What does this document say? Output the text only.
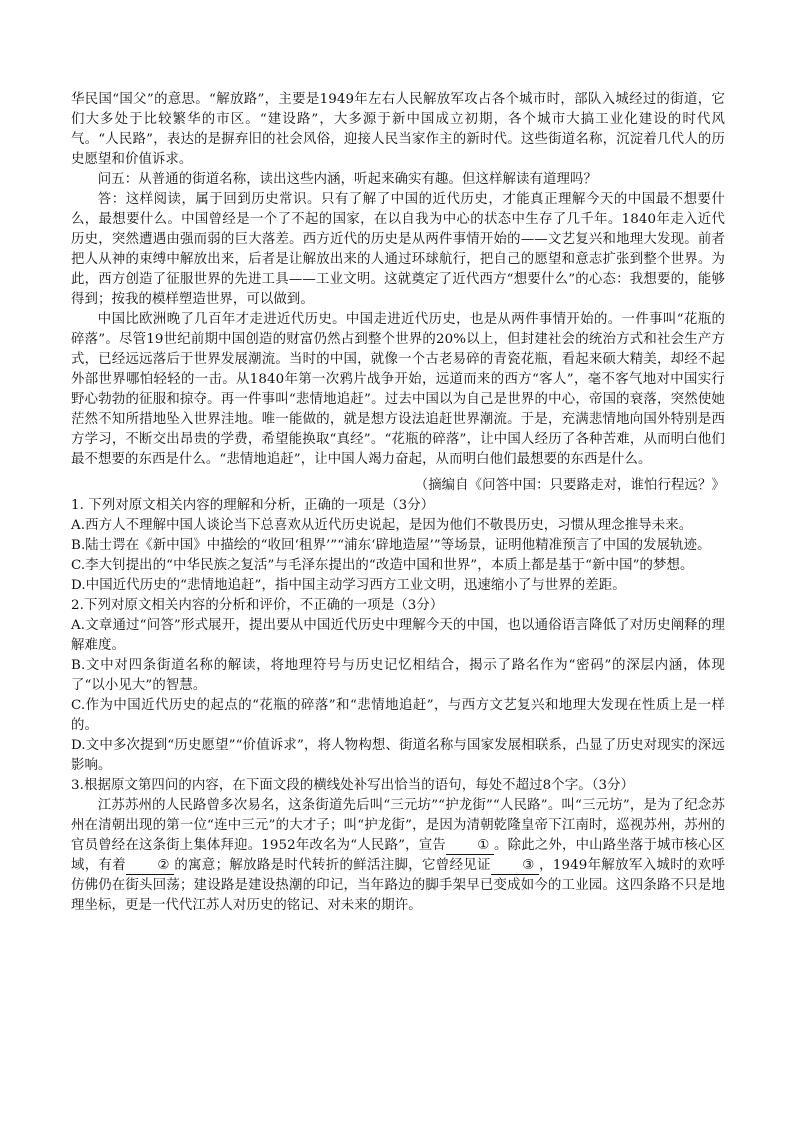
华民国“国父”的意思。“解放路”，主要是1949年左右人民解放军攻占各个城市时，部队入城经过的街道，它们大多处于比较繁华的市区。“建设路”，大多源于新中国成立初期，各个城市大搞工业化建设的时代风气。“人民路”，表达的是摒弃旧的社会风俗，迎接人民当家作主的新时代。这些街道名称，沉淀着几代人的历史愿望和价值诉求。

问五：从普通的街道名称，读出这些内涵，听起来确实有趣。但这样解读有道理吗？

答：这样阅读，属于回到历史常识。只有了解了中国的近代历史，才能真正理解今天的中国最不想要什么，最想要什么。中国曾经是一个了不起的国家，在以自我为中心的状态中生存了几千年。1840年走入近代历史，突然遭遇由强而弱的巨大落差。西方近代的历史是从两件事情开始的——文艺复兴和地理大发现。前者把人从神的束缚中解放出来，后者是让解放出来的人通过环球航行，把自己的愿望和意志扩张到整个世界。为此，西方创造了征服世界的先进工具——工业文明。这就奠定了近代西方“想要什么”的心态：我想要的，能够得到；按我的模样塑造世界，可以做到。

中国比欧洲晚了几百年才走进近代历史。中国走进近代历史，也是从两件事情开始的。一件事叫“花瓶的碎落”。尽管19世纪前期中国创造的财富仍然占到整个世界的20%以上，但封建社会的统治方式和社会生产方式，已经远远落后于世界发展潮流。当时的中国，就像一个古老易碎的青瓷花瓶，看起来硕大精美，却经不起外部世界哪怕轻轻的一击。从1840年第一次鸦片战争开始，远道而来的西方“客人”，毫不客气地对中国实行野心勃勃的征服和掠夺。再一件事叫“悲情地追赶”。过去中国以为自己是世界的中心，帝国的衰落，突然使她茫然不知所措地坠入世界洼地。唯一能做的，就是想方设法追赶世界潮流。于是，充满悲情地向国外特别是西方学习，不断交出昂贵的学费，希望能换取“真经”。“花瓶的碎落”，让中国人经历了各种苦难，从而明白他们最不想要的东西是什么。“悲情地追赶”，让中国人竭力奋起，从而明白他们最想要的东西是什么。

（摘编自《问答中国：只要路走对，谁怕行程远？》

1. 下列对原文相关内容的理解和分析，正确的一项是（3分）

A.西方人不理解中国人谈论当下总喜欢从近代历史说起，是因为他们不敬畏历史，习惯从理念推导未来。

B.陆士谔在《新中国》中描绘的“收回‘租界’”“浦东‘辟地造屋’”等场景，证明他精准预言了中国的发展轨迹。

C.李大钊提出的“中华民族之复活”与毛泽东提出的“改造中国和世界”，本质上都是基于“新中国”的梦想。

D.中国近代历史的“悲情地追赶”，指中国主动学习西方工业文明，迅速缩小了与世界的差距。

2.下列对原文相关内容的分析和评价，不正确的一项是（3分）

A.文章通过“问答”形式展开，提出要从中国近代历史中理解今天的中国，也以通俗语言降低了对历史阐释的理解难度。

B.文中对四条街道名称的解读，将地理符号与历史记忆相结合，揭示了路名作为“密码”的深层内涵，体现了“以小见大”的智慧。

C.作为中国近代历史的起点的“花瓶的碎落”和“悲情地追赶”，与西方文艺复兴和地理大发现在性质上是一样的。

D.文中多次提到“历史愿望”“价值诉求”，将人物构想、街道名称与国家发展相联系，凸显了历史对现实的深远影响。

3.根据原文第四问的内容，在下面文段的横线处补写出恰当的语句，每处不超过8个字。（3分）

江苏苏州的人民路曾多次易名，这条街道先后叫“三元坊”“护龙街”“人民路”。叫“三元坊”，是为了纪念苏州在清朝出现的第一位“连中三元”的大才子；叫“护龙街”，是因为清朝乾隆皇帝下江南时，巡视苏州，苏州的官员曾经在这条街上集体拜迎。1952年改名为“人民路”，宣告 ① 。除此之外，中山路坐落于城市核心区域，有着 ② 的寓意；解放路是时代转折的鲜活注脚，它曾经见证 ③ ，1949年解放军入城时的欢呼仿佛仍在街头回荡；建设路是建设热潮的印记，当年路边的脚手架早已变成如今的工业园。这四条路不只是地理坐标，更是一代代江苏人对历史的铭记、对未来的期许。
